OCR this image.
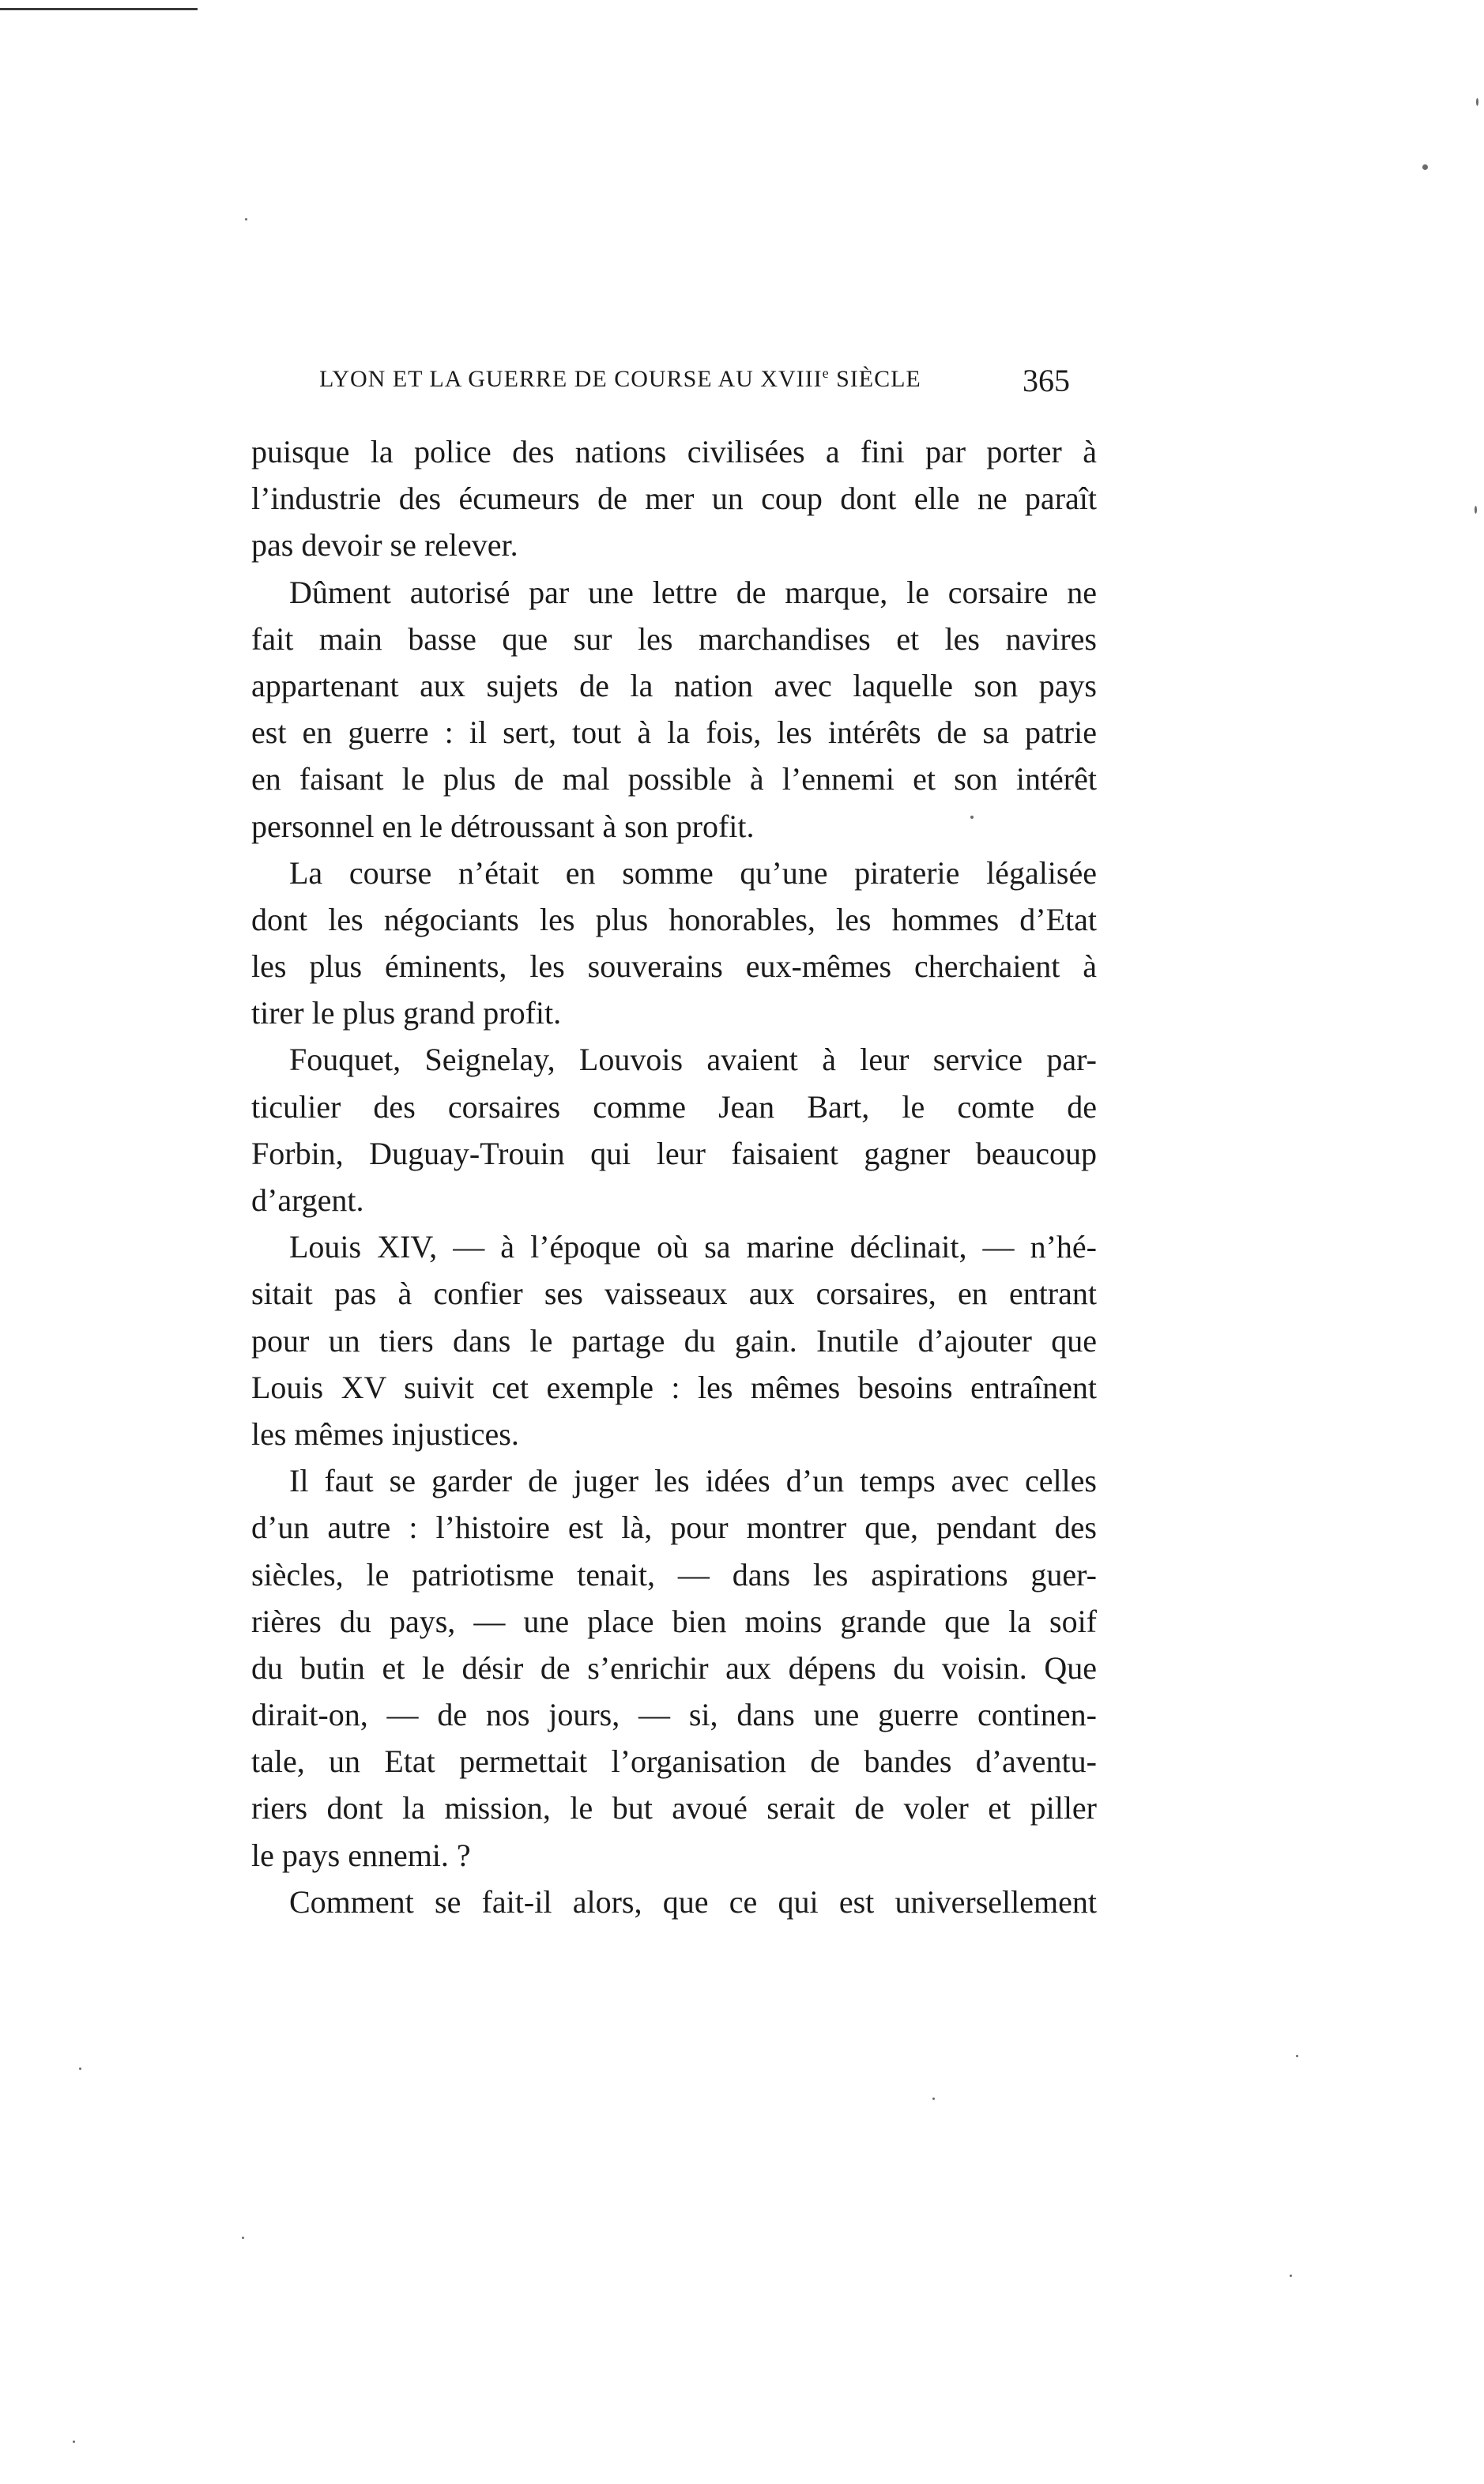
LYON ET LA GUERRE DE COURSE AU XVIIIe SIÈCLE	365
puisque la police des nations civilisées a fini par porter à
l’industrie des écumeurs de mer un coup dont elle ne paraît
pas devoir se relever.
Dûment autorisé par une lettre de marque, le corsaire ne
fait main basse que sur les marchandises et les navires
appartenant aux sujets de la nation avec laquelle son pays
est en guerre : il sert, tout à la fois, les intérêts de sa patrie
en faisant le plus de mal possible à l’ennemi et son intérêt
personnel en le détroussant à son profit.
La course n’était en somme qu’une piraterie légalisée
dont les négociants les plus honorables, les hommes d’Etat
les plus éminents, les souverains eux-mêmes cherchaient à
tirer le plus grand profit.
Fouquet, Seignelay, Louvois avaient à leur service par-
ticulier des corsaires comme Jean Bart, le comte de
Forbin, Duguay-Trouin qui leur faisaient gagner beaucoup
d’argent.
Louis XIV, — à l’époque où sa marine déclinait, — n’hé-
sitait pas à confier ses vaisseaux aux corsaires, en entrant
pour un tiers dans le partage du gain. Inutile d’ajouter que
Louis XV suivit cet exemple : les mêmes besoins entraînent
les mêmes injustices.
Il faut se garder de juger les idées d’un temps avec celles
d’un autre : l’histoire est là, pour montrer que, pendant des
siècles, le patriotisme tenait, — dans les aspirations guer-
rières du pays, — une place bien moins grande que la soif
du butin et le désir de s’enrichir aux dépens du voisin. Que
dirait-on, — de nos jours, — si, dans une guerre continen-
tale, un Etat permettait l’organisation de bandes d’aventu-
riers dont la mission, le but avoué serait de voler et piller
le pays ennemi. ?
Comment se fait-il alors, que ce qui est universellement
